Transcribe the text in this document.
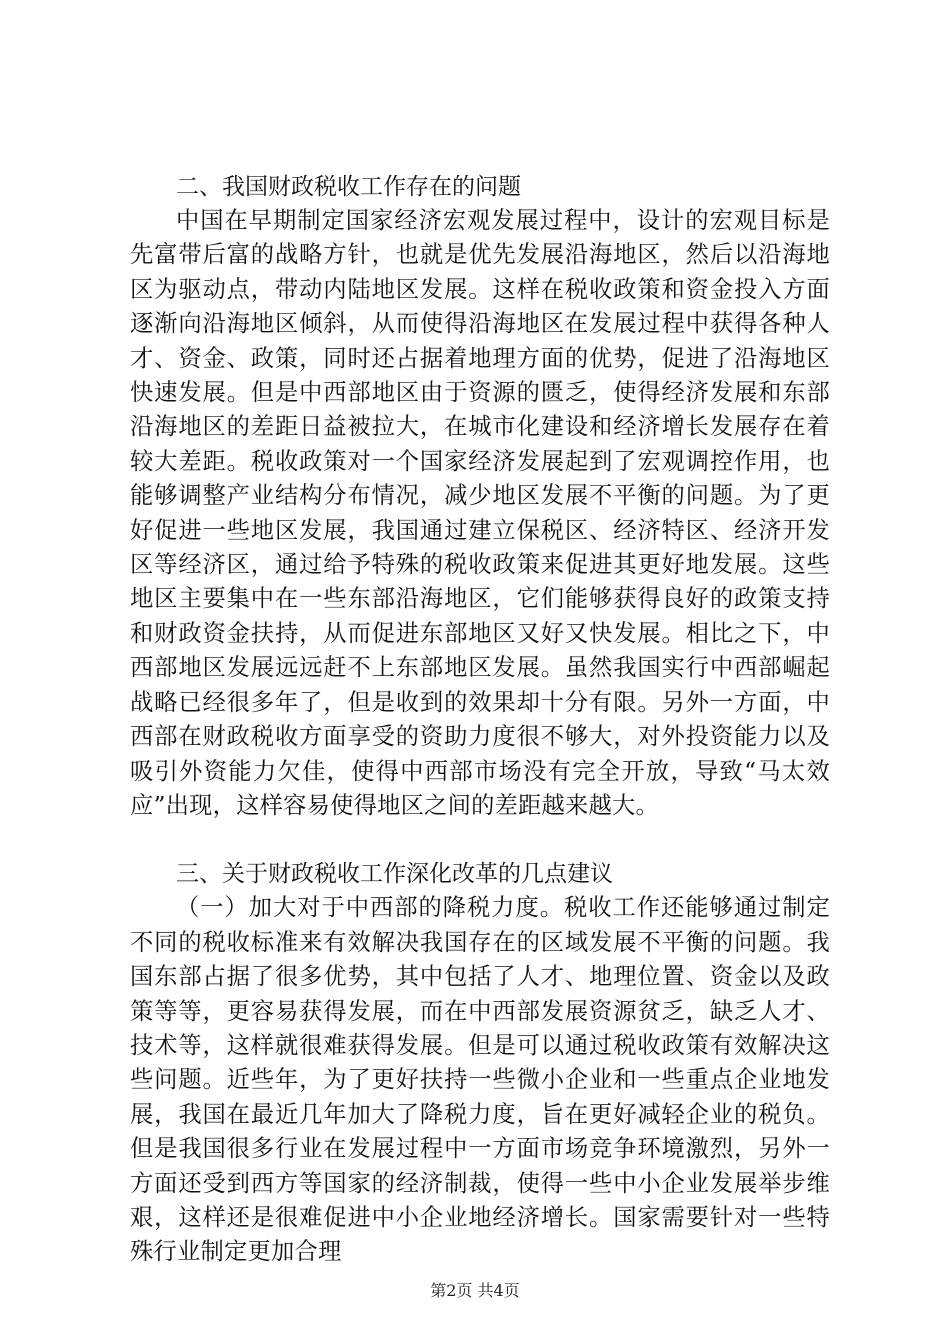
二、我国财政税收工作存在的问题

中国在早期制定国家经济宏观发展过程中，设计的宏观目标是先富带后富的战略方针，也就是优先发展沿海地区，然后以沿海地区为驱动点，带动内陆地区发展。这样在税收政策和资金投入方面逐渐向沿海地区倾斜，从而使得沿海地区在发展过程中获得各种人才、资金、政策，同时还占据着地理方面的优势，促进了沿海地区快速发展。但是中西部地区由于资源的匮乏，使得经济发展和东部沿海地区的差距日益被拉大，在城市化建设和经济增长发展存在着较大差距。税收政策对一个国家经济发展起到了宏观调控作用，也能够调整产业结构分布情况，减少地区发展不平衡的问题。为了更好促进一些地区发展，我国通过建立保税区、经济特区、经济开发区等经济区，通过给予特殊的税收政策来促进其更好地发展。这些地区主要集中在一些东部沿海地区，它们能够获得良好的政策支持和财政资金扶持，从而促进东部地区又好又快发展。相比之下，中西部地区发展远远赶不上东部地区发展。虽然我国实行中西部崛起战略已经很多年了，但是收到的效果却十分有限。另外一方面，中西部在财政税收方面享受的资助力度很不够大，对外投资能力以及吸引外资能力欠佳，使得中西部市场没有完全开放，导致“马太效应”出现，这样容易使得地区之间的差距越来越大。

三、关于财政税收工作深化改革的几点建议

（一）加大对于中西部的降税力度。税收工作还能够通过制定不同的税收标准来有效解决我国存在的区域发展不平衡的问题。我国东部占据了很多优势，其中包括了人才、地理位置、资金以及政策等等，更容易获得发展，而在中西部发展资源贫乏，缺乏人才、技术等，这样就很难获得发展。但是可以通过税收政策有效解决这些问题。近些年，为了更好扶持一些微小企业和一些重点企业地发展，我国在最近几年加大了降税力度，旨在更好减轻企业的税负。但是我国很多行业在发展过程中一方面市场竞争环境激烈，另外一方面还受到西方等国家的经济制裁，使得一些中小企业发展举步维艰，这样还是很难促进中小企业地经济增长。国家需要针对一些特殊行业制定更加合理

第2页 共4页
